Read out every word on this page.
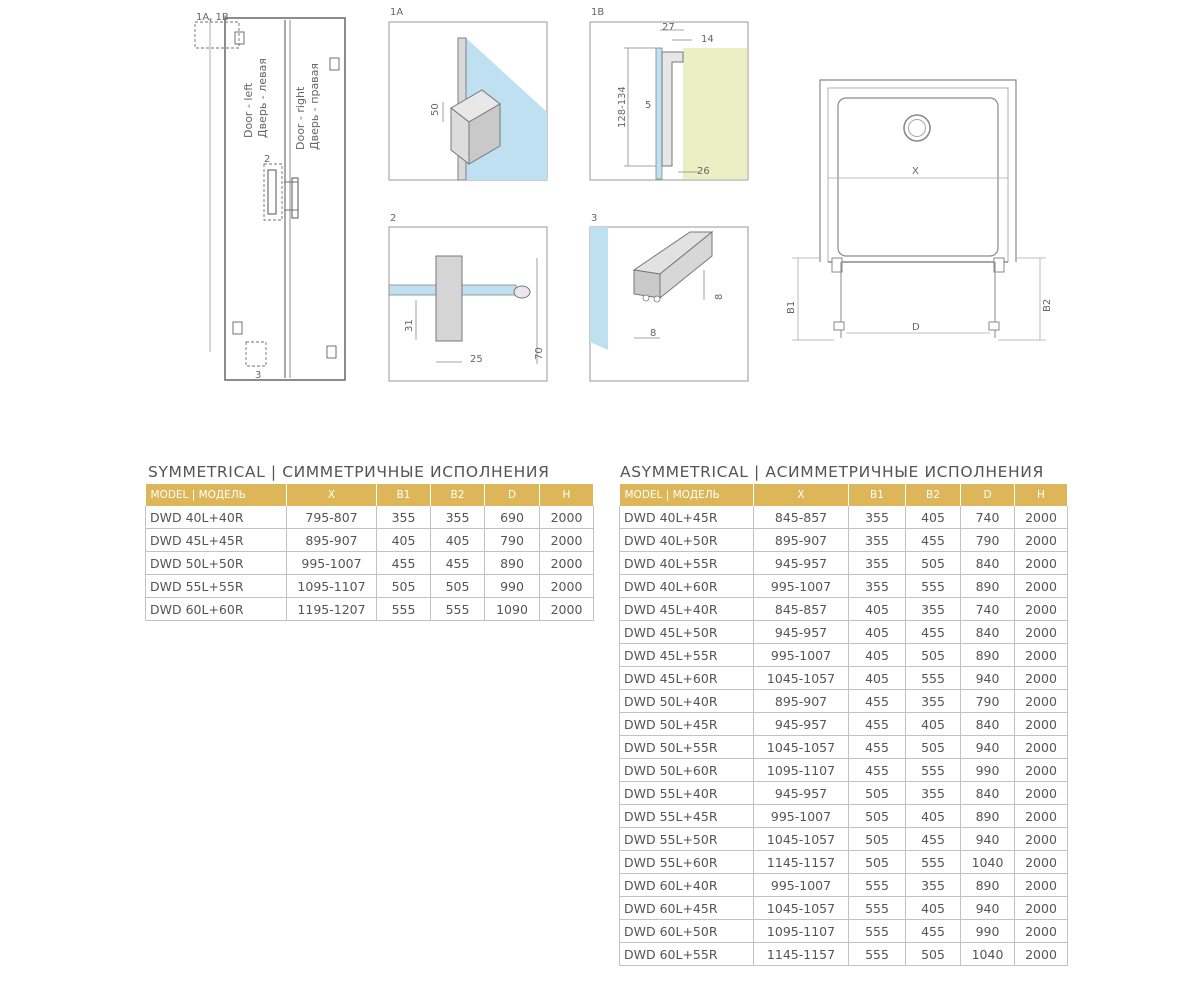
1A, 1B
2
3
Door - left Дверь - левая Door - right Дверь - правая
1A
50
1B
27
14
128-134 5
26
2
31
25	70
3
8
8
X
B1	B2
D
SYMMETRICAL | СИММЕТРИЧНЫЕ ИСПОЛНЕНИЯ
MODEL | МОДЕЛЬ	X	B1	B2	D	H
DWD 40L+40R	795-807	355	355	690	2000
DWD 45L+45R	895-907	405	405	790	2000
DWD 50L+50R	995-1007	455	455	890	2000
DWD 55L+55R	1095-1107	505	505	990	2000
DWD 60L+60R	1195-1207	555	555	1090	2000
ASYMMETRICAL | АСИММЕТРИЧНЫЕ ИСПОЛНЕНИЯ
MODEL | МОДЕЛЬ	X	B1	B2	D	H
DWD 40L+45R	845-857	355	405	740	2000
DWD 40L+50R	895-907	355	455	790	2000
DWD 40L+55R	945-957	355	505	840	2000
DWD 40L+60R	995-1007	355	555	890	2000
DWD 45L+40R	845-857	405	355	740	2000
DWD 45L+50R	945-957	405	455	840	2000
DWD 45L+55R	995-1007	405	505	890	2000
DWD 45L+60R	1045-1057	405	555	940	2000
DWD 50L+40R	895-907	455	355	790	2000
DWD 50L+45R	945-957	455	405	840	2000
DWD 50L+55R	1045-1057	455	505	940	2000
DWD 50L+60R	1095-1107	455	555	990	2000
DWD 55L+40R	945-957	505	355	840	2000
DWD 55L+45R	995-1007	505	405	890	2000
DWD 55L+50R	1045-1057	505	455	940	2000
DWD 55L+60R	1145-1157	505	555	1040	2000
DWD 60L+40R	995-1007	555	355	890	2000
DWD 60L+45R	1045-1057	555	405	940	2000
DWD 60L+50R	1095-1107	555	455	990	2000
DWD 60L+55R	1145-1157	555	505	1040	2000
